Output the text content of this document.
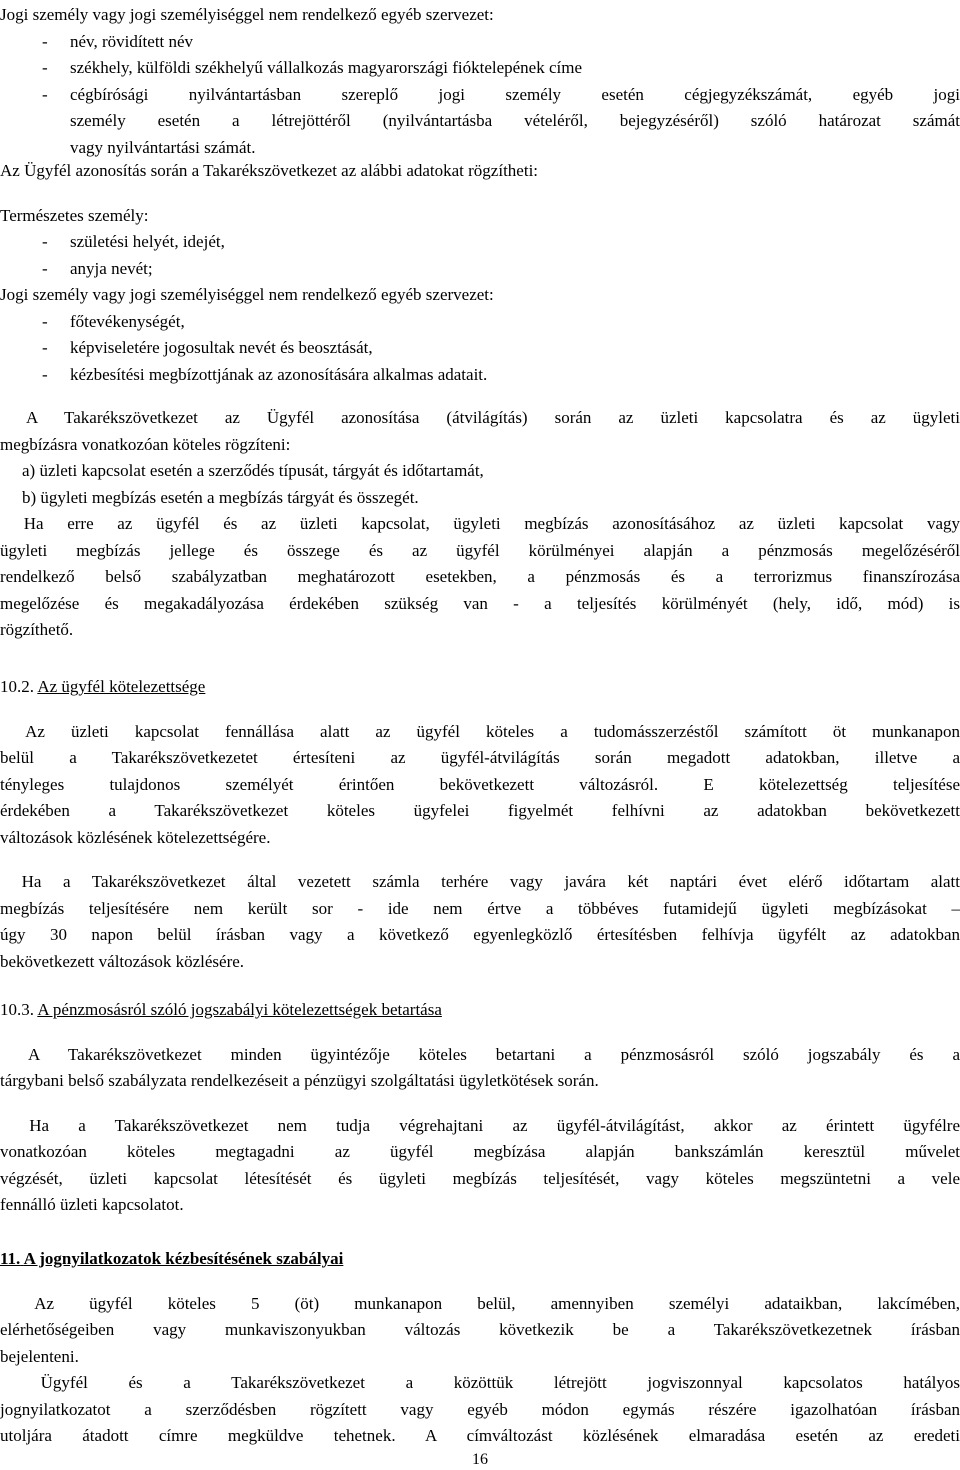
Jogi személy vagy jogi személyiséggel nem rendelkező egyéb szervezet:

- név, rövidített név
- székhely, külföldi székhelyű vállalkozás magyarországi fióktelepének címe
- cégbírósági nyilvántartásban szereplő jogi személy esetén cégjegyzékszámát, egyéb jogi

személy esetén a létrejöttéről (nyilvántartásba vételéről, bejegyzéséről) szóló határozat számát

vagy nyilvántartási számát.

Az Ügyfél azonosítás során a Takarékszövetkezet az alábbi adatokat rögzítheti:

Természetes személy:

- születési helyét, idejét,
- anyja nevét;

Jogi személy vagy jogi személyiséggel nem rendelkező egyéb szervezet:

- főtevékenységét,
- képviseletére jogosultak nevét és beosztását,
- kézbesítési megbízottjának az azonosítására alkalmas adatait.

A Takarékszövetkezet az Ügyfél azonosítása (átvilágítás) során az üzleti kapcsolatra és az ügyleti

megbízásra vonatkozóan köteles rögzíteni:

a) üzleti kapcsolat esetén a szerződés típusát, tárgyát és időtartamát,

b) ügyleti megbízás esetén a megbízás tárgyát és összegét.

Ha erre az ügyfél és az üzleti kapcsolat, ügyleti megbízás azonosításához az üzleti kapcsolat vagy

ügyleti megbízás jellege és összege és az ügyfél körülményei alapján a pénzmosás megelőzéséről

rendelkező belső szabályzatban meghatározott esetekben, a pénzmosás és a terrorizmus finanszírozása

megelőzése és megakadályozása érdekében szükség van - a teljesítés körülményét (hely, idő, mód) is

rögzíthető.

10.2. Az ügyfél kötelezettsége

Az üzleti kapcsolat fennállása alatt az ügyfél köteles a tudomásszerzéstől számított öt munkanapon

belül a Takarékszövetkezetet értesíteni az ügyfél-átvilágítás során megadott adatokban, illetve a

tényleges tulajdonos személyét érintően bekövetkezett változásról. E kötelezettség teljesítése

érdekében a Takarékszövetkezet köteles ügyfelei figyelmét felhívni az adatokban bekövetkezett

változások közlésének kötelezettségére.

Ha a Takarékszövetkezet által vezetett számla terhére vagy javára két naptári évet elérő időtartam alatt

megbízás teljesítésére nem került sor - ide nem értve a többéves futamidejű ügyleti megbízásokat –

úgy 30 napon belül írásban vagy a következő egyenlegközlő értesítésben felhívja ügyfélt az adatokban

bekövetkezett változások közlésére.

10.3. A pénzmosásról szóló jogszabályi kötelezettségek betartása

A Takarékszövetkezet minden ügyintézője köteles betartani a pénzmosásról szóló jogszabály és a

tárgybani belső szabályzata rendelkezéseit a pénzügyi szolgáltatási ügyletkötések során.

Ha a Takarékszövetkezet nem tudja végrehajtani az ügyfél-átvilágítást, akkor az érintett ügyfélre

vonatkozóan köteles megtagadni az ügyfél megbízása alapján bankszámlán keresztül művelet

végzését, üzleti kapcsolat létesítését és ügyleti megbízás teljesítését, vagy köteles megszüntetni a vele

fennálló üzleti kapcsolatot.

11. A jognyilatkozatok kézbesítésének szabályai

Az ügyfél köteles 5 (öt) munkanapon belül, amennyiben személyi adataikban, lakcímében,

elérhetőségeiben vagy munkaviszonyukban változás következik be a Takarékszövetkezetnek írásban

bejelenteni.

Ügyfél és a Takarékszövetkezet a közöttük létrejött jogviszonnyal kapcsolatos hatályos

jognyilatkozatot a szerződésben rögzített vagy egyéb módon egymás részére igazolhatóan írásban

utoljára átadott címre megküldve tehetnek. A címváltozást közlésének elmaradása esetén az eredeti

16
